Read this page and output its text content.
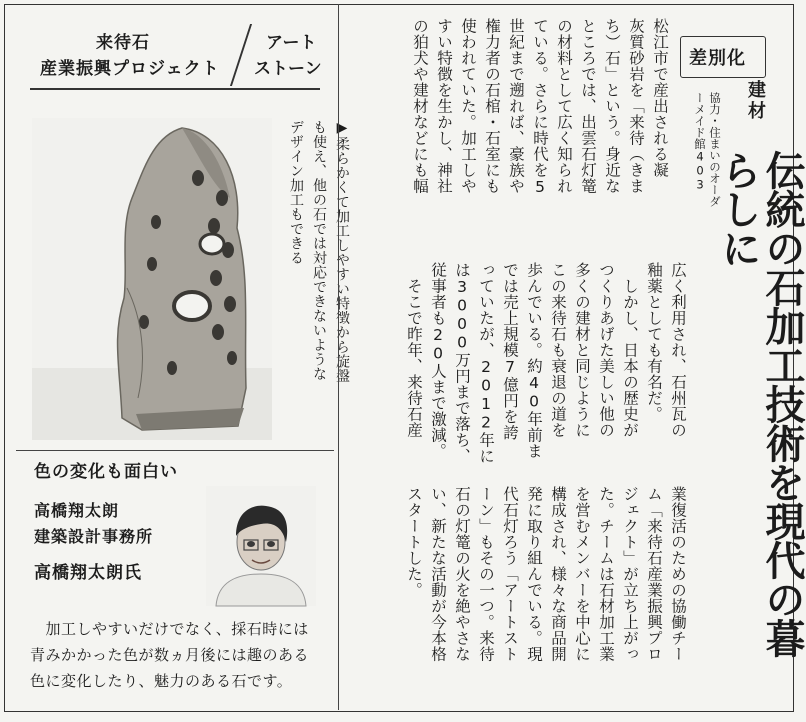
来待石
産業振興プロジェクト
アート
ストーン
▶柔らかくて加工しやすい特徴から旋盤
も使え、他の石では対応できないような
デザイン加工もできる
色の変化も面白い
高橋翔太朗
建築設計事務所
高橋翔太朗氏
　加工しやすいだけでなく、採石時には青みかかった色が数ヵ月後には趣のある色に変化したり、魅力のある石です。
松江市で産出される凝
灰質砂岩を「来待（きま
ち）石」という。身近な
ところでは、出雲石灯篭
の材料として広く知られ
ている。さらに時代を5
世紀まで遡れば、豪族や
権力者の石棺・石室にも
使われていた。加工しや
すい特徴を生かし、神社
の狛犬や建材などにも幅
広く利用され、石州瓦の
釉薬としても有名だ。
　しかし、日本の歴史が
つくりあげた美しい他の
多くの建材と同じように
この来待石も衰退の道を
歩んでいる。約40年前ま
では売上規模7億円を誇
っていたが、2012年に
は3000万円まで落ち、
従事者も20人まで激減。
　そこで昨年、来待石産
業復活のための協働チー
ム「来待石産業振興プロ
ジェクト」が立ち上がっ
た。チームは石材加工業
を営むメンバーを中心に
構成され、様々な商品開
発に取り組んでいる。現
代石灯ろう「アートスト
ーン」もその一つ。来待
石の灯篭の火を絶やさな
い、新たな活動が今本格
スタートした。
差別化
建材
協力・住まいのオーダーメイド館403
伝統の石加工技術を現代の暮らしに
